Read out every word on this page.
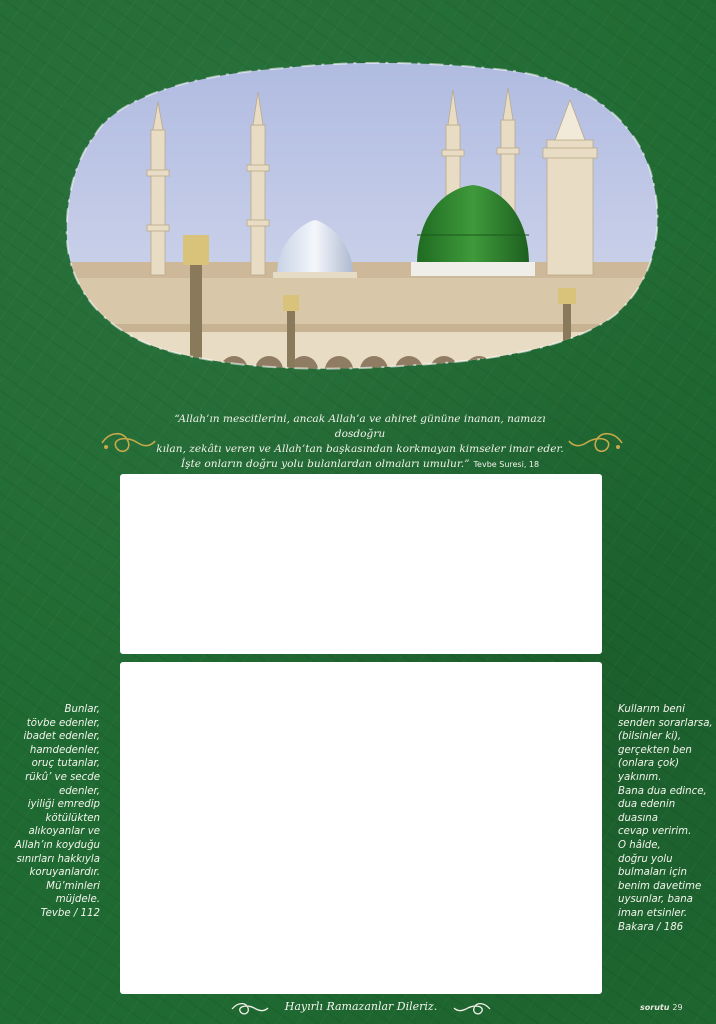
“Allah’ın mescitlerini, ancak Allah’a ve ahiret gününe inanan, namazı dosdoğru
kılan, zekâtı veren ve Allah’tan başkasından korkmayan kimseler imar eder.
İşte onların doğru yolu bulanlardan olmaları umulur.” Tevbe Suresi, 18
Bunlar,
tövbe edenler,
ibadet edenler,
hamdedenler,
oruç tutanlar,
rükû’ ve secde
edenler,
iyiliği emredip
kötülükten
alıkoyanlar ve
Allah’ın koyduğu
sınırları hakkıyla
koruyanlardır.
Mü’minleri
müjdele.
Tevbe / 112
Kullarım beni
senden sorarlarsa,
(bilsinler ki),
gerçekten ben
(onlara çok)
yakınım.
Bana dua edince,
dua edenin
duasına
cevap veririm.
O hâlde,
doğru yolu
bulmaları için
benim davetime
uysunlar, bana
iman etsinler.
Bakara / 186
Hayırlı Ramazanlar Dileriz.	sorutu 29
